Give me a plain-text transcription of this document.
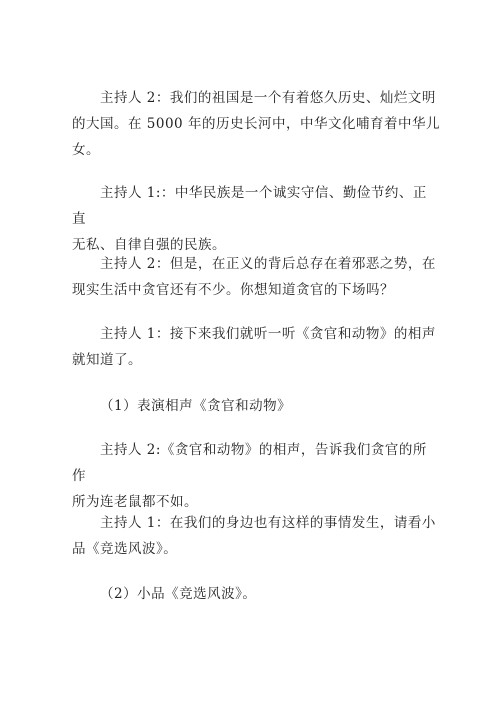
主持人 2：我们的祖国是一个有着悠久历史、灿烂文明
的大国。在 5000 年的历史长河中，中华文化哺育着中华儿
女。

主持人 1:：中华民族是一个诚实守信、勤俭节约、正直
无私、自律自强的民族。

主持人 2：但是，在正义的背后总存在着邪恶之势，在
现实生活中贪官还有不少。你想知道贪官的下场吗？

主持人 1：接下来我们就听一听《贪官和动物》的相声
就知道了。

（1）表演相声《贪官和动物》

主持人 2:《贪官和动物》的相声，告诉我们贪官的所作
所为连老鼠都不如。

主持人 1：在我们的身边也有这样的事情发生，请看小
品《竞选风波》。

（2）小品《竞选风波》。
